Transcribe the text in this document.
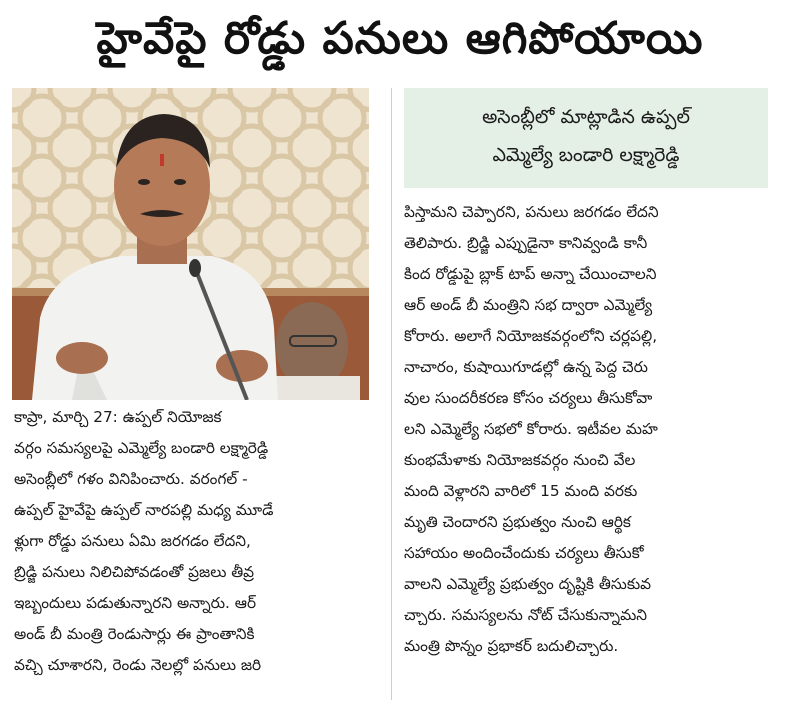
హైవేపై రోడ్డు పనులు ఆగిపోయాయి
అసెంబ్లీలో మాట్లాడిన ఉప్పల్
ఎమ్మెల్యే బండారి లక్ష్మారెడ్డి
కాప్రా, మార్చి 27: ఉప్పల్ నియోజక
వర్గం సమస్యలపై ఎమ్మెల్యే బండారి లక్ష్మారెడ్డి
అసెంబ్లీలో గళం వినిపించారు. వరంగల్ -
ఉప్పల్ హైవేపై ఉప్పల్ నారపల్లి మధ్య మూడే
ళ్లుగా రోడ్డు పనులు ఏమి జరగడం లేదని,
బ్రిడ్జి పనులు నిలిచిపోవడంతో ప్రజలు తీవ్ర
ఇబ్బందులు పడుతున్నారని అన్నారు. ఆర్
అండ్ బీ మంత్రి రెండుసార్లు ఈ ప్రాంతానికి
వచ్చి చూశారని, రెండు నెలల్లో పనులు జరి
పిస్తామని చెప్పారని, పనులు జరగడం లేదని
తెలిపారు. బ్రిడ్జి ఎప్పుడైనా కానివ్వండి కానీ
కింద రోడ్డుపై బ్లాక్ టాప్ అన్నా చేయించాలని
ఆర్ అండ్ బీ మంత్రిని సభ ద్వారా ఎమ్మెల్యే
కోరారు. అలాగే నియోజకవర్గంలోని చర్లపల్లి,
నాచారం, కుషాయిగూడల్లో ఉన్న పెద్ద చెరు
వుల సుందరీకరణ కోసం చర్యలు తీసుకోవా
లని ఎమ్మెల్యే సభలో కోరారు. ఇటీవల మహ
కుంభమేళాకు నియోజకవర్గం నుంచి వేల
మంది వెళ్లారని వారిలో 15 మంది వరకు
మృతి చెందారని ప్రభుత్వం నుంచి ఆర్థిక
సహాయం అందించేందుకు చర్యలు తీసుకో
వాలని ఎమ్మెల్యే ప్రభుత్వం దృష్టికి తీసుకువ
చ్చారు. సమస్యలను నోట్ చేసుకున్నామని
మంత్రి పొన్నం ప్రభాకర్ బదులిచ్చారు.
